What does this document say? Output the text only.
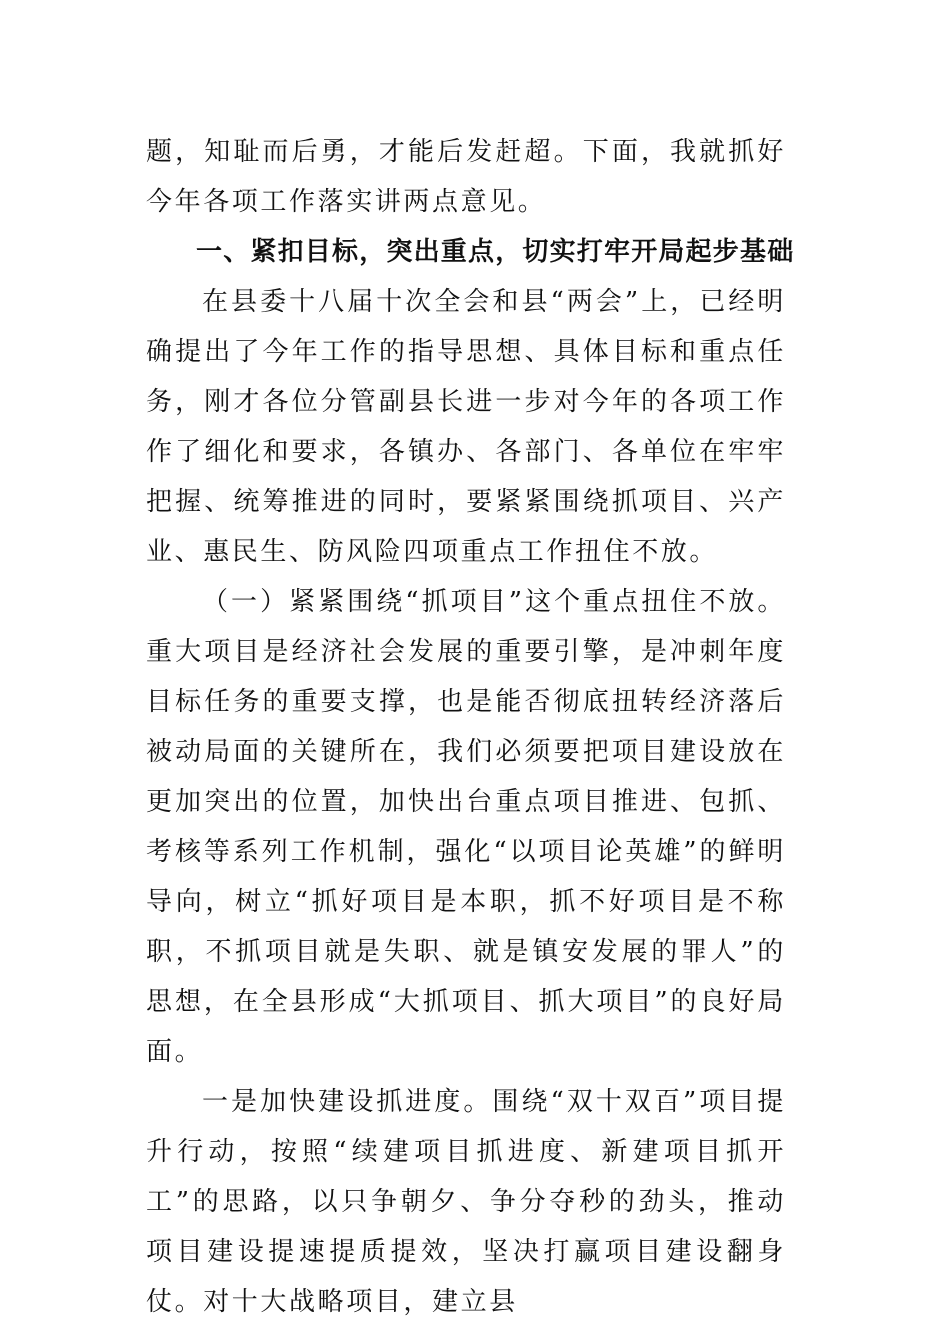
题，知耻而后勇，才能后发赶超。下面，我就抓好今年各项工作落实讲两点意见。

一、紧扣目标，突出重点，切实打牢开局起步基础

在县委十八届十次全会和县“两会”上，已经明确提出了今年工作的指导思想、具体目标和重点任务，刚才各位分管副县长进一步对今年的各项工作作了细化和要求，各镇办、各部门、各单位在牢牢把握、统筹推进的同时，要紧紧围绕抓项目、兴产业、惠民生、防风险四项重点工作扭住不放。

（一）紧紧围绕“抓项目”这个重点扭住不放。重大项目是经济社会发展的重要引擎，是冲刺年度目标任务的重要支撑，也是能否彻底扭转经济落后被动局面的关键所在，我们必须要把项目建设放在更加突出的位置，加快出台重点项目推进、包抓、考核等系列工作机制，强化“以项目论英雄”的鲜明导向，树立“抓好项目是本职，抓不好项目是不称职，不抓项目就是失职、就是镇安发展的罪人”的思想，在全县形成“大抓项目、抓大项目”的良好局面。

一是加快建设抓进度。围绕“双十双百”项目提升行动，按照“续建项目抓进度、新建项目抓开工”的思路，以只争朝夕、争分夺秒的劲头，推动项目建设提速提质提效，坚决打赢项目建设翻身仗。对十大战略项目，建立县
